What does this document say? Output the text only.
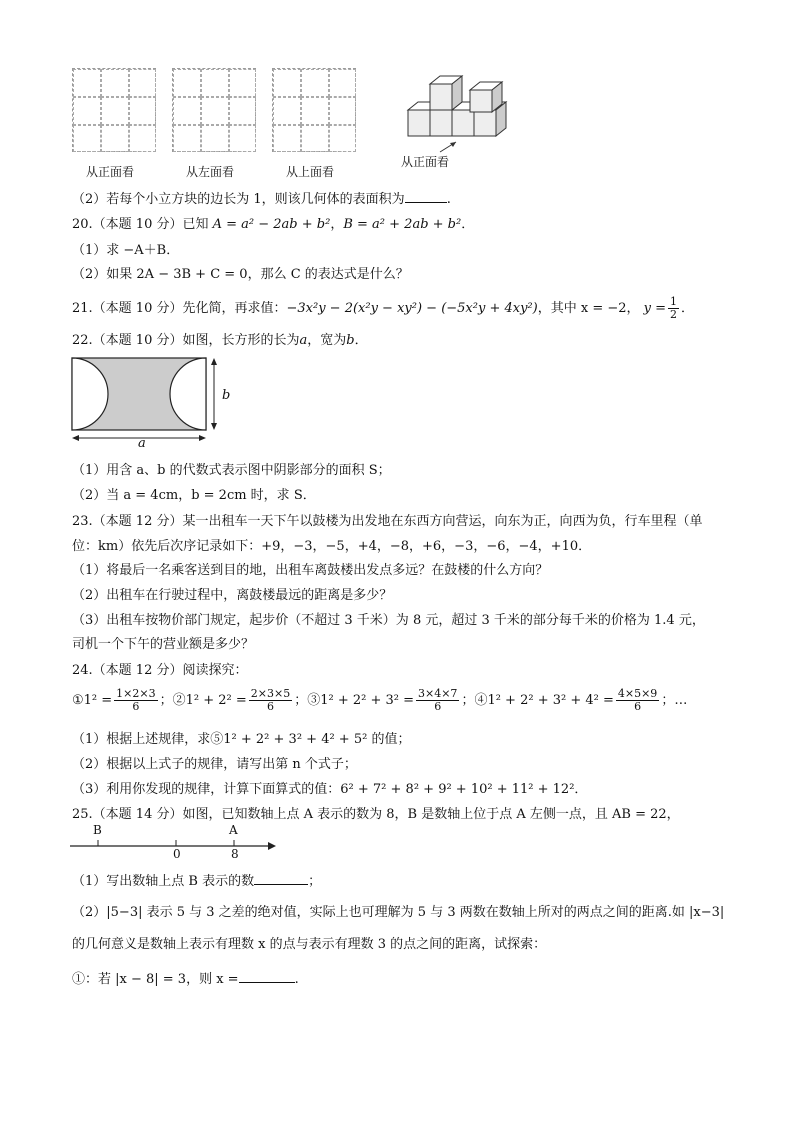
从正面看	从左面看	从上面看
从正面看
（2）若每个小立方块的边长为 1，则该几何体的表面积为	.
20.（本题 10 分）已知 A = a² − 2ab + b²，B = a² + 2ab + b²．
（1）求 −A＋B．
（2）如果 2A − 3B + C = 0，那么 C 的表达式是什么？
21.（本题 10 分）先化简，再求值：−3x²y − 2(x²y − xy²) − (−5x²y + 4xy²)，其中 x = −2， $y = \frac{1}{2}$ ．
22.（本题 10 分）如图，长方形的长为a，宽为b．
b
a
（1）用含 a、b 的代数式表示图中阴影部分的面积 S；
（2）当 a = 4cm，b = 2cm 时，求 S．
23.（本题 12 分）某一出租车一天下午以鼓楼为出发地在东西方向营运，向东为正，向西为负，行车里程（单
位：km）依先后次序记录如下：+9，−3，−5，+4，−8，+6，−3，−6，−4，+10．
（1）将最后一名乘客送到目的地，出租车离鼓楼出发点多远？在鼓楼的什么方向？
（2）出租车在行驶过程中，离鼓楼最远的距离是多少？
（3）出租车按物价部门规定，起步价（不超过 3 千米）为 8 元，超过 3 千米的部分每千米的价格为 1.4 元，
司机一个下午的营业额是多少？
24.（本题 12 分）阅读探究：
①1² = $\frac{1\times 2\times 3}{6}$ ；②1² + $2^2 = \frac{2\times 3\times 5}{6}$ ；③1² + $2^2 + 3^2 = \frac{3\times 4\times 7}{6}$ ；④1² + $2^2 + 3^2 + 4^2 = \frac{4\times 5\times 9}{6}$ ；…
（1）根据上述规律，求⑤1² + 2² + 3² + 4² + 5² 的值；
（2）根据以上式子的规律，请写出第 n 个式子；
（3）利用你发现的规律，计算下面算式的值：6² + 7² + 8² + 9² + 10² + 11² + 12²．
25.（本题 14 分）如图，已知数轴上点 A 表示的数为 8，B 是数轴上位于点 A 左侧一点，且 AB = 22，
B	A
0	8
（1）写出数轴上点 B 表示的数	；
（2）|5−3| 表示 5 与 3 之差的绝对值，实际上也可理解为 5 与 3 两数在数轴上所对的两点之间的距离.如 |x−3|
的几何意义是数轴上表示有理数 x 的点与表示有理数 3 的点之间的距离，试探索：
①：若 |x − 8| = 3，则 x =	.
